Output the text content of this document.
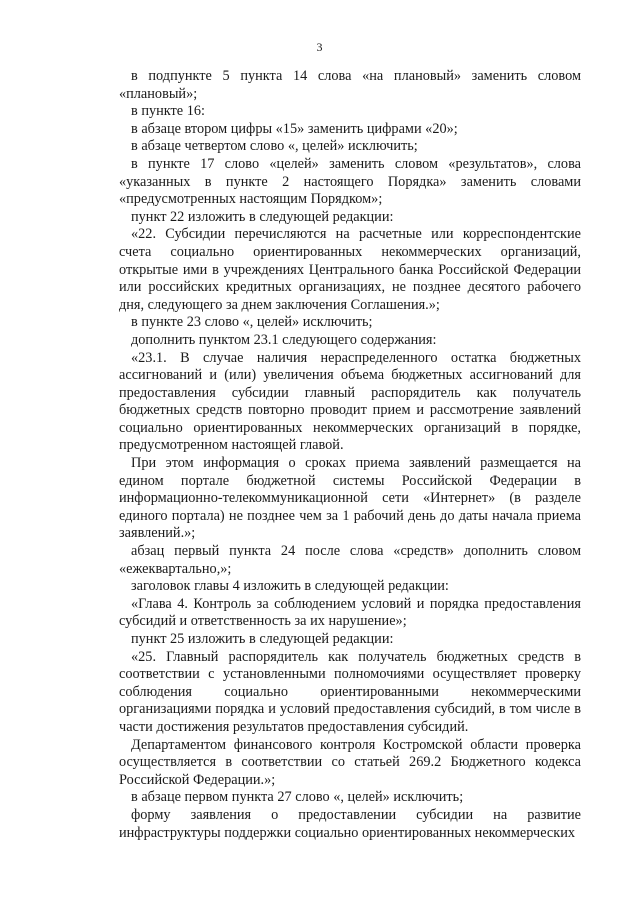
3

в подпункте 5 пункта 14 слова «на плановый» заменить словом «плановый»;

в пункте 16:

в абзаце втором цифры «15» заменить цифрами «20»;

в абзаце четвертом слово «, целей» исключить;

в пункте 17 слово «целей» заменить словом «результатов», слова «указанных в пункте 2 настоящего Порядка» заменить словами «предусмотренных настоящим Порядком»;

пункт 22 изложить в следующей редакции:

«22. Субсидии перечисляются на расчетные или корреспондентские счета социально ориентированных некоммерческих организаций, открытые ими в учреждениях Центрального банка Российской Федерации или российских кредитных организациях, не позднее десятого рабочего дня, следующего за днем заключения Соглашения.»;

в пункте 23 слово «, целей» исключить;

дополнить пунктом 23.1 следующего содержания:

«23.1. В случае наличия нераспределенного остатка бюджетных ассигнований и (или) увеличения объема бюджетных ассигнований для предоставления субсидии главный распорядитель как получатель бюджетных средств повторно проводит прием и рассмотрение заявлений социально ориентированных некоммерческих организаций в порядке, предусмотренном настоящей главой.

При этом информация о сроках приема заявлений размещается на едином портале бюджетной системы Российской Федерации в информационно-телекоммуникационной сети «Интернет» (в разделе единого портала) не позднее чем за 1 рабочий день до даты начала приема заявлений.»;

абзац первый пункта 24 после слова «средств» дополнить словом «ежеквартально,»;

заголовок главы 4 изложить в следующей редакции:

«Глава 4. Контроль за соблюдением условий и порядка предоставления субсидий и ответственность за их нарушение»;

пункт 25 изложить в следующей редакции:

«25. Главный распорядитель как получатель бюджетных средств в соответствии с установленными полномочиями осуществляет проверку соблюдения социально ориентированными некоммерческими организациями порядка и условий предоставления субсидий, в том числе в части достижения результатов предоставления субсидий.

Департаментом финансового контроля Костромской области проверка осуществляется в соответствии со статьей 269.2 Бюджетного кодекса Российской Федерации.»;

в абзаце первом пункта 27 слово «, целей» исключить;

форму заявления о предоставлении субсидии на развитие инфраструктуры поддержки социально ориентированных некоммерческих
